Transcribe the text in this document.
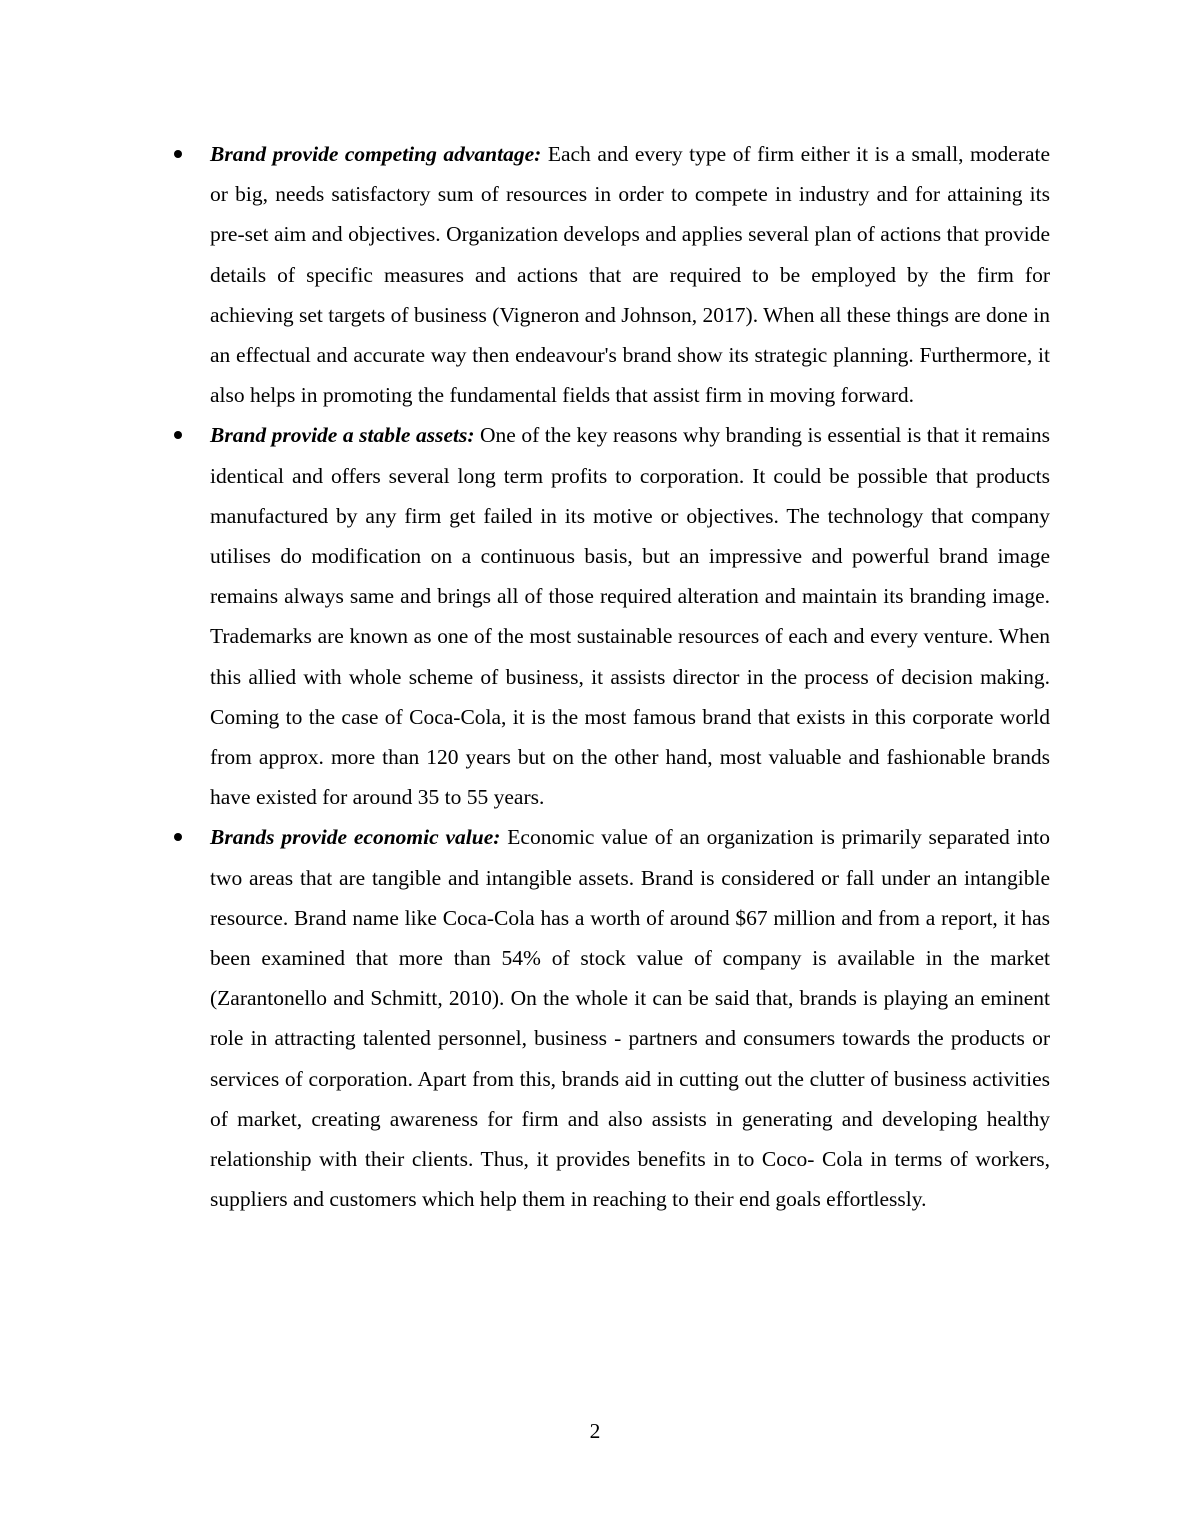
Brand provide competing advantage: Each and every type of firm either it is a small, moderate or big, needs satisfactory sum of resources in order to compete in industry and for attaining its pre-set aim and objectives. Organization develops and applies several plan of actions that provide details of specific measures and actions that are required to be employed by the firm for achieving set targets of business (Vigneron and Johnson, 2017). When all these things are done in an effectual and accurate way then endeavour's brand show its strategic planning. Furthermore, it also helps in promoting the fundamental fields that assist firm in moving forward.
Brand provide a stable assets: One of the key reasons why branding is essential is that it remains identical and offers several long term profits to corporation. It could be possible that products manufactured by any firm get failed in its motive or objectives. The technology that company utilises do modification on a continuous basis, but an impressive and powerful brand image remains always same and brings all of those required alteration and maintain its branding image. Trademarks are known as one of the most sustainable resources of each and every venture. When this allied with whole scheme of business, it assists director in the process of decision making. Coming to the case of Coca-Cola, it is the most famous brand that exists in this corporate world from approx. more than 120 years but on the other hand, most valuable and fashionable brands have existed for around 35 to 55 years.
Brands provide economic value: Economic value of an organization is primarily separated into two areas that are tangible and intangible assets. Brand is considered or fall under an intangible resource. Brand name like Coca-Cola has a worth of around $67 million and from a report, it has been examined that more than 54% of stock value of company is available in the market (Zarantonello and Schmitt, 2010). On the whole it can be said that, brands is playing an eminent role in attracting talented personnel, business - partners and consumers towards the products or services of corporation. Apart from this, brands aid in cutting out the clutter of business activities of market, creating awareness for firm and also assists in generating and developing healthy relationship with their clients. Thus, it provides benefits in to Coco- Cola in terms of workers, suppliers and customers which help them in reaching to their end goals effortlessly.
2
